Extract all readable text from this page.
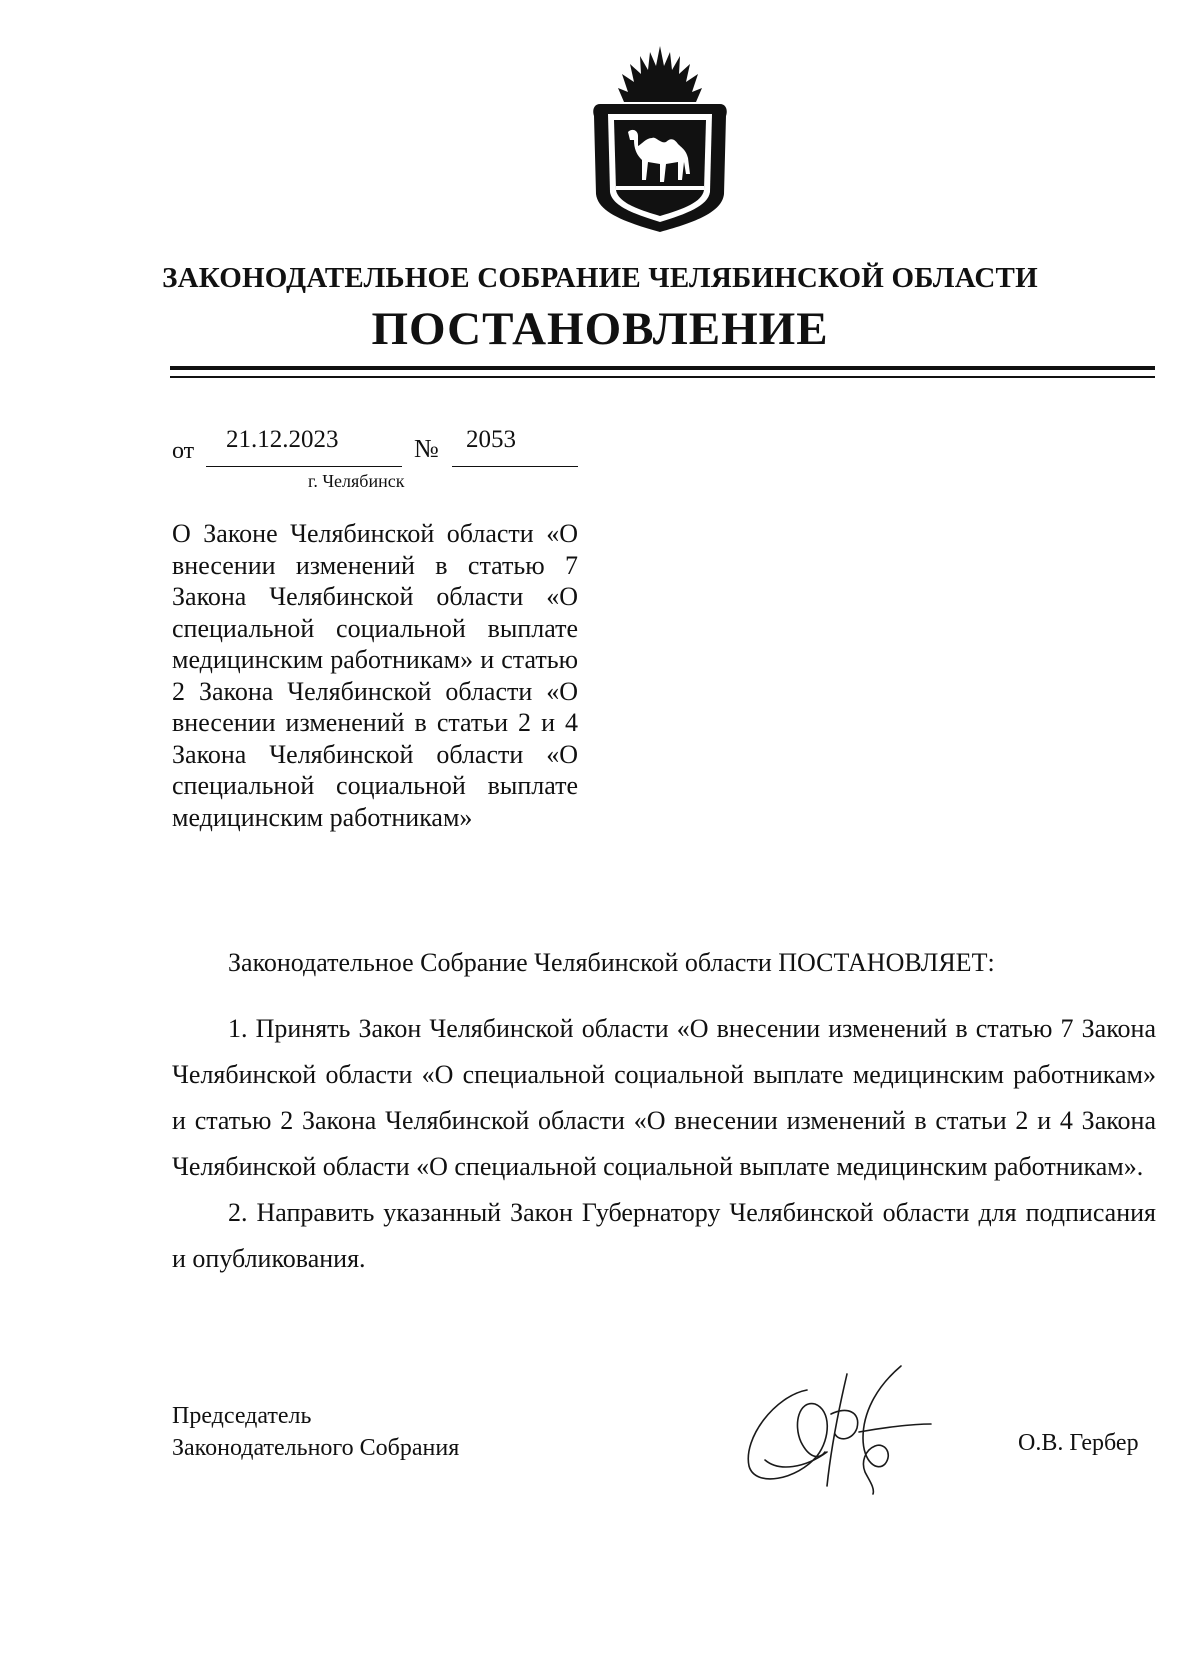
ЗАКОНОДАТЕЛЬНОЕ СОБРАНИЕ ЧЕЛЯБИНСКОЙ ОБЛАСТИ
ПОСТАНОВЛЕНИЕ
от 21.12.2023	№ 2053
г. Челябинск
О Законе Челябинской области «О внесении изменений в статью 7 Закона Челябинской области «О специальной социальной выплате медицинским работникам» и статью 2 Закона Челябинской области «О внесении изменений в статьи 2 и 4 Закона Челябинской области «О специальной социальной выплате медицинским работникам»

Законодательное Собрание Челябинской области ПОСТАНОВЛЯЕТ:

1. Принять Закон Челябинской области «О внесении изменений в статью 7 Закона Челябинской области «О специальной социальной выплате медицинским работникам» и статью 2 Закона Челябинской области «О внесении изменений в статьи 2 и 4 Закона Челябинской области «О специальной социальной выплате медицинским работникам».

2. Направить указанный Закон Губернатору Челябинской области для подписания и опубликования.

Председатель
Законодательного Собрания	О.В. Гербер
